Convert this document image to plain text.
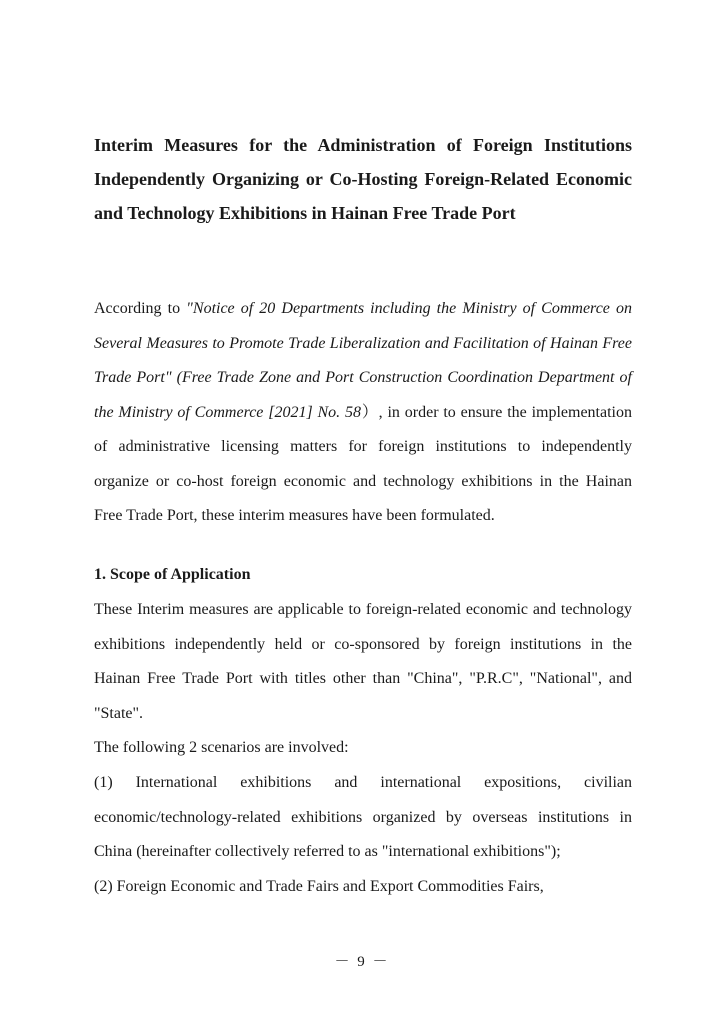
Interim Measures for the Administration of Foreign Institutions Independently Organizing or Co-Hosting Foreign-Related Economic and Technology Exhibitions in Hainan Free Trade Port

According to "Notice of 20 Departments including the Ministry of Commerce on Several Measures to Promote Trade Liberalization and Facilitation of Hainan Free Trade Port" (Free Trade Zone and Port Construction Coordination Department of the Ministry of Commerce [2021] No. 58）, in order to ensure the implementation of administrative licensing matters for foreign institutions to independently organize or co-host foreign economic and technology exhibitions in the Hainan Free Trade Port, these interim measures have been formulated.

1. Scope of Application

These Interim measures are applicable to foreign-related economic and technology exhibitions independently held or co-sponsored by foreign institutions in the Hainan Free Trade Port with titles other than "China", "P.R.C", "National", and "State".

The following 2 scenarios are involved:

(1) International exhibitions and international expositions, civilian economic/technology-related exhibitions organized by overseas institutions in China (hereinafter collectively referred to as "international exhibitions");

(2) Foreign Economic and Trade Fairs and Export Commodities Fairs,

－ 9 －
